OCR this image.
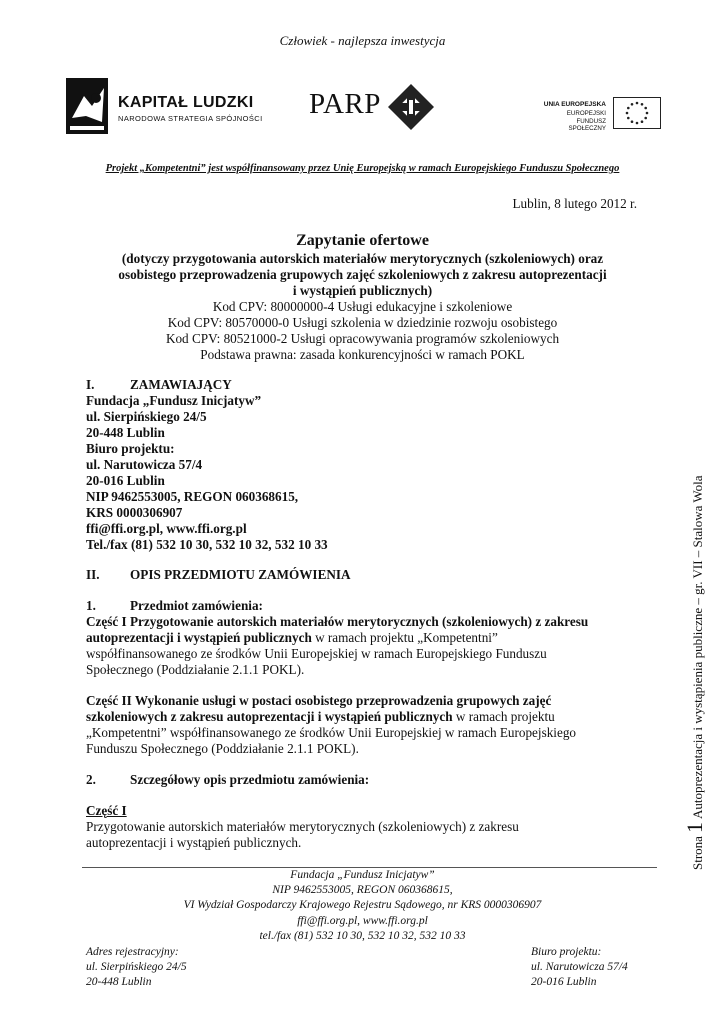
Człowiek - najlepsza inwestycja
KAPITAŁ LUDZKI
NARODOWA STRATEGIA SPÓJNOŚCI PARP	UNIA EUROPEJSKA
EUROPEJSKI
FUNDUSZ SPOŁECZNY
Projekt „Kompetentni” jest współfinansowany przez Unię Europejską w ramach Europejskiego Funduszu Społecznego
Lublin, 8 lutego 2012 r.
Zapytanie ofertowe
(dotyczy przygotowania autorskich materiałów merytorycznych (szkoleniowych) oraz
osobistego przeprowadzenia grupowych zajęć szkoleniowych z zakresu autoprezentacji
i wystąpień publicznych)
Kod CPV: 80000000-4 Usługi edukacyjne i szkoleniowe
Kod CPV: 80570000-0 Usługi szkolenia w dziedzinie rozwoju osobistego
Kod CPV: 80521000-2 Usługi opracowywania programów szkoleniowych
Podstawa prawna: zasada konkurencyjności w ramach POKL
I.	ZAMAWIAJĄCY
Fundacja „Fundusz Inicjatyw”
ul. Sierpińskiego 24/5
20-448 Lublin
Biuro projektu:
ul. Narutowicza 57/4
20-016 Lublin
NIP 9462553005, REGON 060368615,
KRS 0000306907
ffi@ffi.org.pl, www.ffi.org.pl
Tel./fax (81) 532 10 30, 532 10 32, 532 10 33
II. OPIS PRZEDMIOTU ZAMÓWIENIA
1.	Przedmiot zamówienia:
Część I Przygotowanie autorskich materiałów merytorycznych (szkoleniowych) z zakresu
autoprezentacji i wystąpień publicznych w ramach projektu „Kompetentni”
współfinansowanego ze środków Unii Europejskiej w ramach Europejskiego Funduszu
Społecznego (Poddziałanie 2.1.1 POKL).
Część II Wykonanie usługi w postaci osobistego przeprowadzenia grupowych zajęć
szkoleniowych z zakresu autoprezentacji i wystąpień publicznych w ramach projektu
„Kompetentni” współfinansowanego ze środków Unii Europejskiej w ramach Europejskiego
Funduszu Społecznego (Poddziałanie 2.1.1 POKL).
2.	Szczegółowy opis przedmiotu zamówienia:
Część I
Przygotowanie autorskich materiałów merytorycznych (szkoleniowych) z zakresu
autoprezentacji i wystąpień publicznych.	Strona
1
Autoprezentacja i wystąpienia publiczne – gr. VII – Stalowa Wola
Fundacja „Fundusz Inicjatyw”
NIP 9462553005, REGON 060368615,
VI Wydział Gospodarczy Krajowego Rejestru Sądowego, nr KRS 0000306907
ffi@ffi.org.pl, www.ffi.org.pl
tel./fax (81) 532 10 30, 532 10 32, 532 10 33
Adres rejestracyjny:
ul. Sierpińskiego 24/5
20-448 Lublin
Biuro projektu:
ul. Narutowicza 57/4
20-016 Lublin
